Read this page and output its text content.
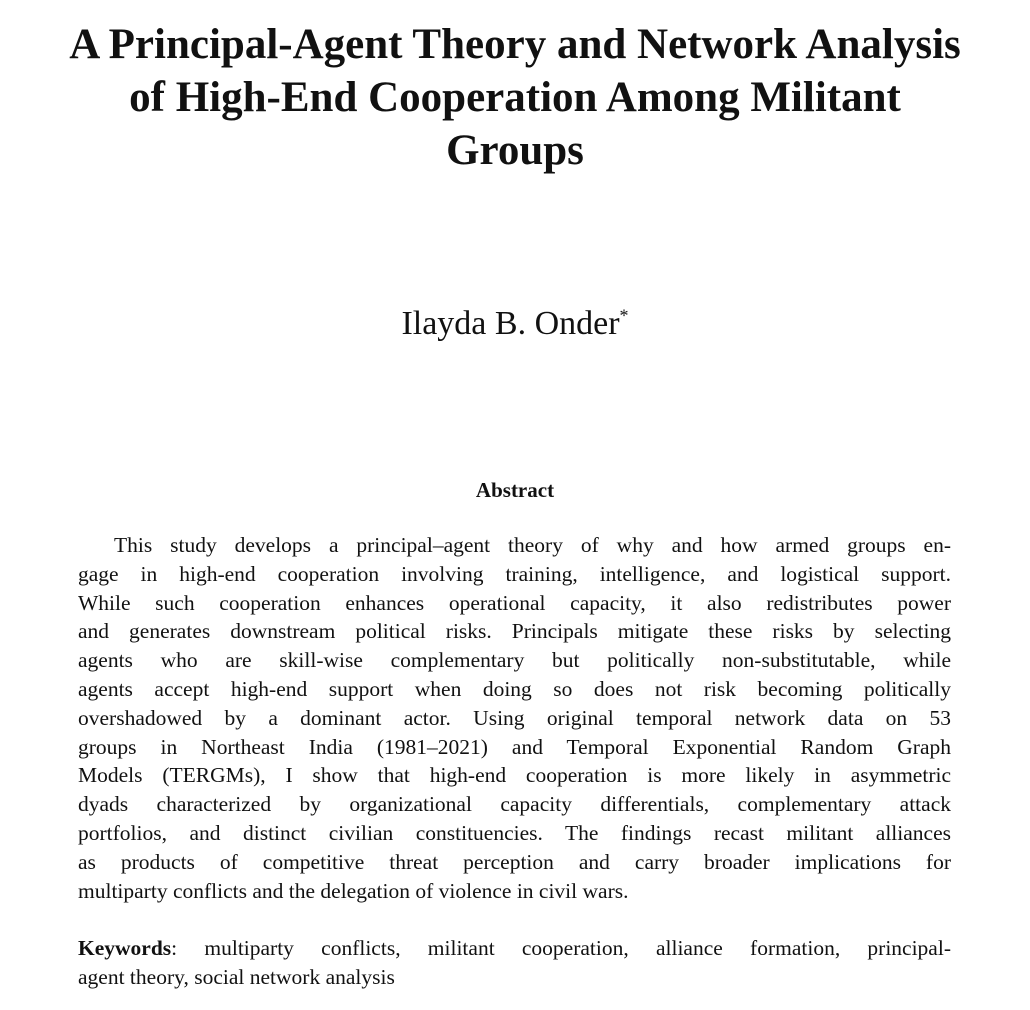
A Principal-Agent Theory and Network Analysis
of High-End Cooperation Among Militant
Groups
Ilayda B. Onder*
Abstract
This study develops a principal–agent theory of why and how armed groups en-
gage in high-end cooperation involving training, intelligence, and logistical support.
While such cooperation enhances operational capacity, it also redistributes power
and generates downstream political risks. Principals mitigate these risks by selecting
agents who are skill-wise complementary but politically non-substitutable, while
agents accept high-end support when doing so does not risk becoming politically
overshadowed by a dominant actor. Using original temporal network data on 53
groups in Northeast India (1981–2021) and Temporal Exponential Random Graph
Models (TERGMs), I show that high-end cooperation is more likely in asymmetric
dyads characterized by organizational capacity differentials, complementary attack
portfolios, and distinct civilian constituencies. The findings recast militant alliances
as products of competitive threat perception and carry broader implications for
multiparty conflicts and the delegation of violence in civil wars.
Keywords: multiparty conflicts, militant cooperation, alliance formation, principal-
agent theory, social network analysis
